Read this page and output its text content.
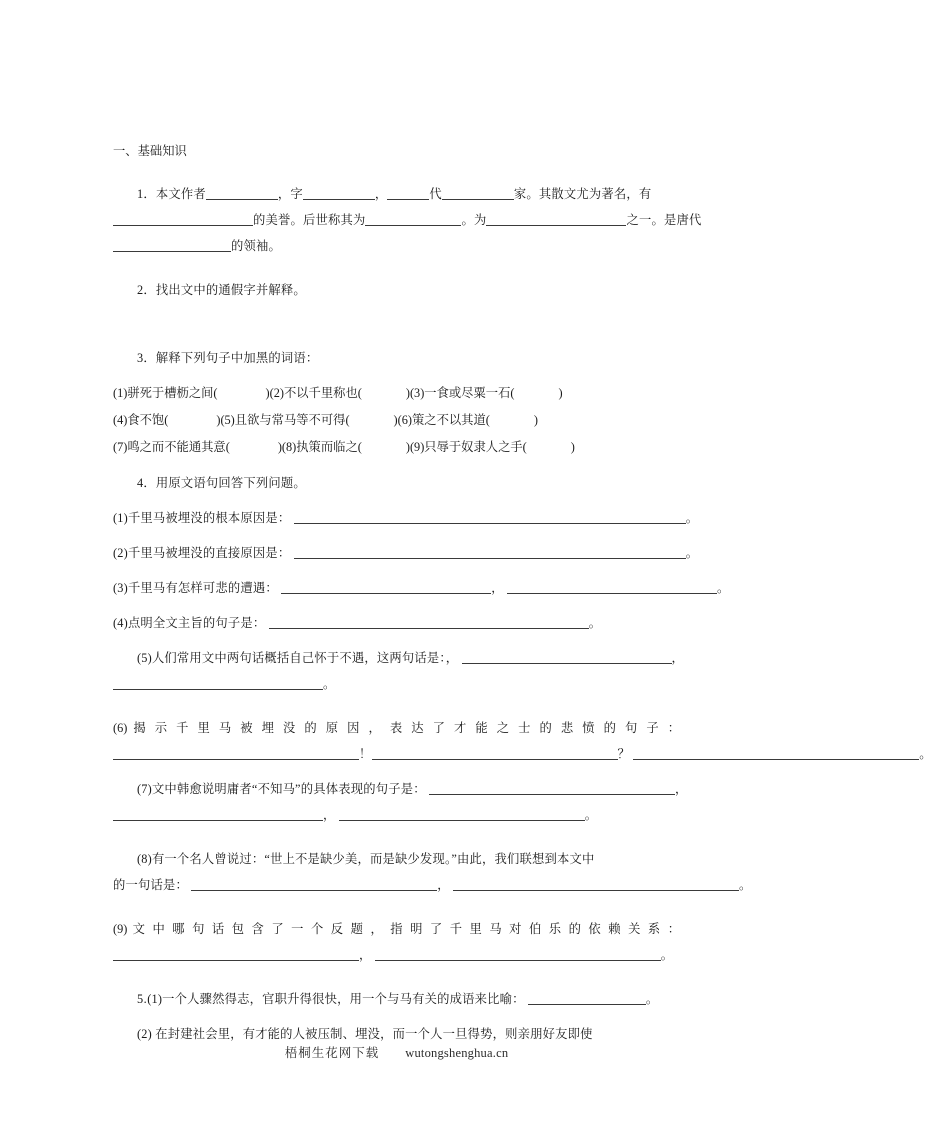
一、基础知识
1．本文作者	，字	，	代	家。其散文尤为著名，有
的美誉。后世称其为	。为	之一。是唐代
的领袖。
2．找出文中的通假字并解释。
3．解释下列句子中加黑的词语：
(1)骈死于槽枥之间(	)(2)不以千里称也(	)(3)一食或尽粟一石(	)
(4)食不饱(	)(5)且欲与常马等不可得(	)(6)策之不以其道(	)
(7)鸣之而不能通其意(	)(8)执策而临之(	)(9)只辱于奴隶人之手(	)
4．用原文语句回答下列问题。
(1)千里马被埋没的根本原因是：	。
(2)千里马被埋没的直接原因是：	。
(3)千里马有怎样可悲的遭遇：	，	。
(4)点明全文主旨的句子是：	。
(5)人们常用文中两句话概括自己怀于不遇，这两句话是：，	，
。
(6) 揭 示 千 里 马 被 埋 没 的 原 因 ， 表 达 了 才 能 之 士 的 悲 愤 的 句 子 ：
！	？	。
(7)文中韩愈说明庸者“不知马”的具体表现的句子是：	，
，	。
(8)有一个名人曾说过：“世上不是缺少美，而是缺少发现。”由此，我们联想到本文中
的一句话是：	，	。
(9) 文 中 哪 句 话 包 含 了 一 个 反 题 ， 指 明 了 千 里 马 对 伯 乐 的 依 赖 关 系 ：
，	。
5.(1)一个人骤然得志，官职升得很快，用一个与马有关的成语来比喻：	。
(2) 在封建社会里，有才能的人被压制、埋没，而一个人一旦得势，则亲朋好友即使
梧桐生花网下载 wutongshenghua.cn
